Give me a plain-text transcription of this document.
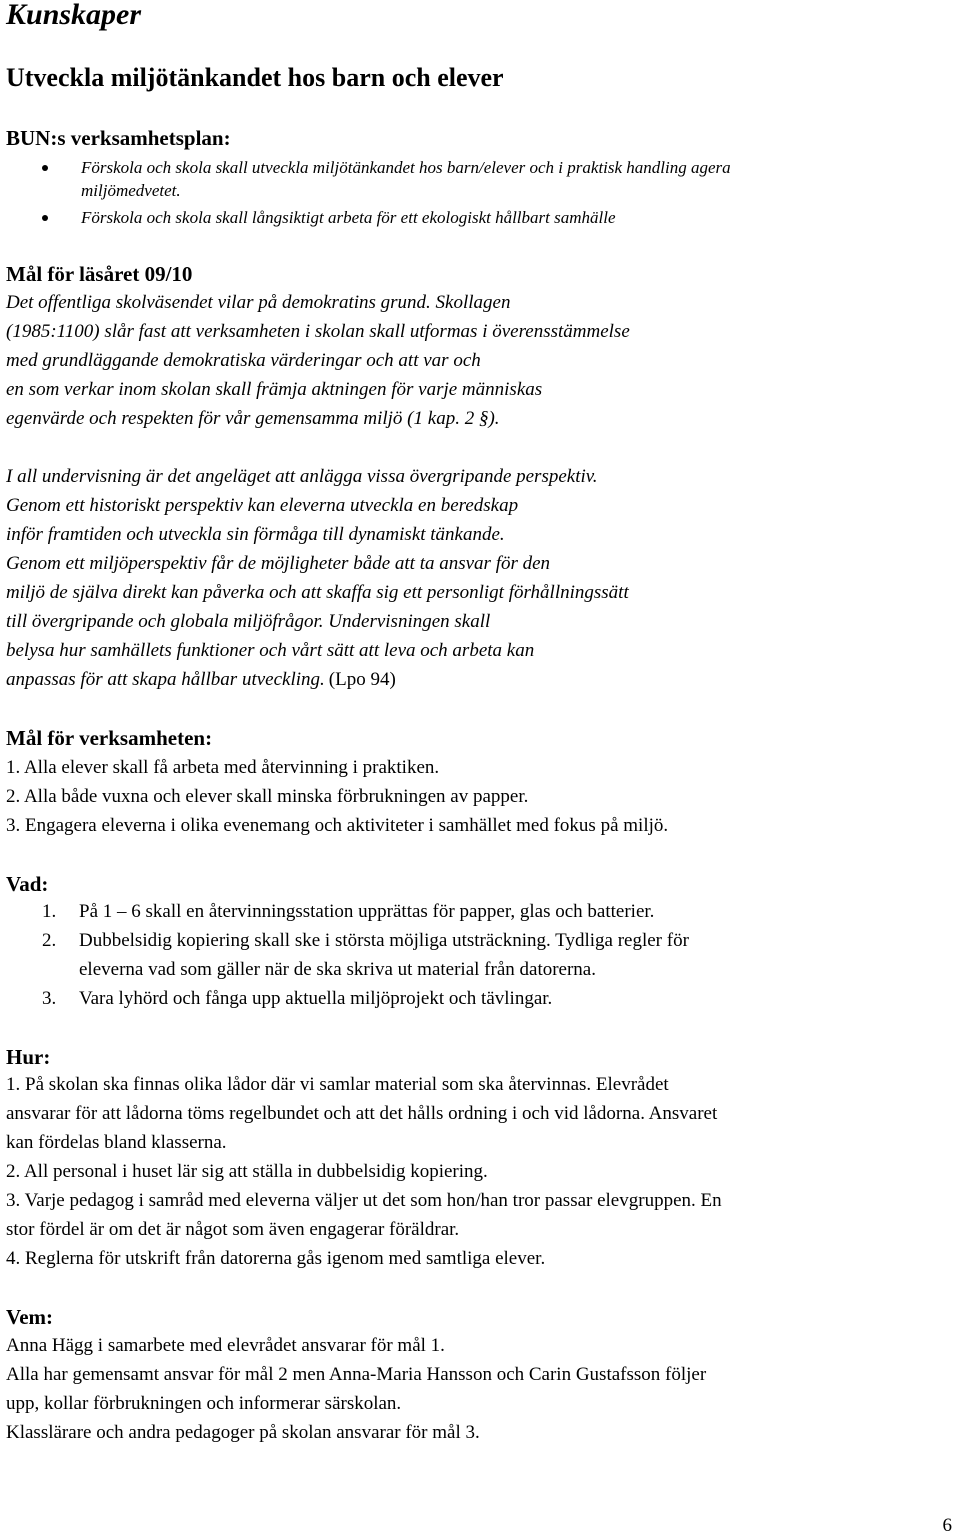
Kunskaper
Utveckla miljötänkandet hos barn och elever
BUN:s verksamhetsplan:
Förskola och skola skall utveckla miljötänkandet hos barn/elever och i praktisk handling agera
miljömedvetet.
Förskola och skola skall långsiktigt arbeta för ett ekologiskt hållbart samhälle
Mål för läsåret 09/10
Det offentliga skolväsendet vilar på demokratins grund. Skollagen
(1985:1100) slår fast att verksamheten i skolan skall utformas i överensstämmelse
med grundläggande demokratiska värderingar och att var och
en som verkar inom skolan skall främja aktningen för varje människas
egenvärde och respekten för vår gemensamma miljö (1 kap. 2 §).
I all undervisning är det angeläget att anlägga vissa övergripande perspektiv.
Genom ett historiskt perspektiv kan eleverna utveckla en beredskap
inför framtiden och utveckla sin förmåga till dynamiskt tänkande.
Genom ett miljöperspektiv får de möjligheter både att ta ansvar för den
miljö de själva direkt kan påverka och att skaffa sig ett personligt förhållningssätt
till övergripande och globala miljöfrågor. Undervisningen skall
belysa hur samhällets funktioner och vårt sätt att leva och arbeta kan
anpassas för att skapa hållbar utveckling. (Lpo 94)
Mål för verksamheten:
1. Alla elever skall få arbeta med återvinning i praktiken.
2. Alla både vuxna och elever skall minska förbrukningen av papper.
3. Engagera eleverna i olika evenemang och aktiviteter i samhället med fokus på miljö.
Vad:
1. På 1 – 6 skall en återvinningsstation upprättas för papper, glas och batterier.
2. Dubbelsidig kopiering skall ske i största möjliga utsträckning. Tydliga regler för
eleverna vad som gäller när de ska skriva ut material från datorerna.
3. Vara lyhörd och fånga upp aktuella miljöprojekt och tävlingar.
Hur:
1. På skolan ska finnas olika lådor där vi samlar material som ska återvinnas. Elevrådet
ansvarar för att lådorna töms regelbundet och att det hålls ordning i och vid lådorna. Ansvaret
kan fördelas bland klasserna.
2. All personal i huset lär sig att ställa in dubbelsidig kopiering.
3. Varje pedagog i samråd med eleverna väljer ut det som hon/han tror passar elevgruppen. En
stor fördel är om det är något som även engagerar föräldrar.
4. Reglerna för utskrift från datorerna gås igenom med samtliga elever.
Vem:
Anna Hägg i samarbete med elevrådet ansvarar för mål 1.
Alla har gemensamt ansvar för mål 2 men Anna-Maria Hansson och Carin Gustafsson följer
upp, kollar förbrukningen och informerar särskolan.
Klasslärare och andra pedagoger på skolan ansvarar för mål 3.
6
